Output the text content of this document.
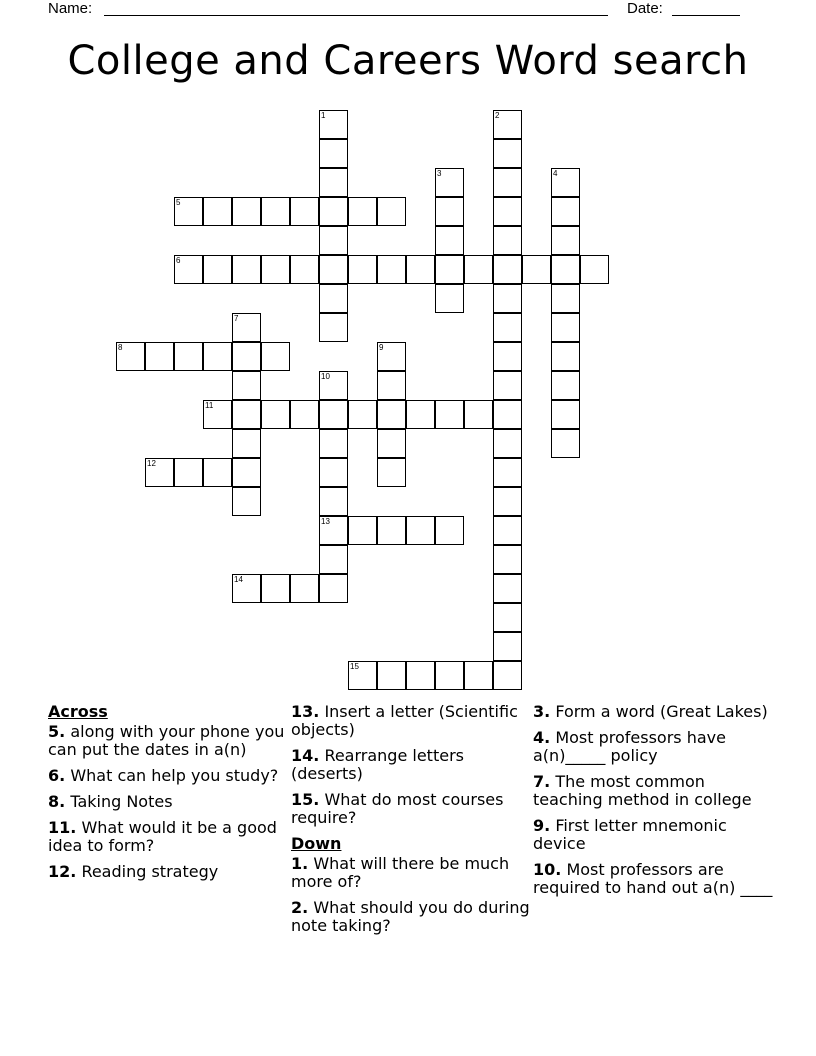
Name:	Date:
College and Careers Word search
1	2
3	4
5
6
7
8	9
10
13
11
12
14
15
Across
5. along with your phone you can put the dates in a(n)
6. What can help you study?
8. Taking Notes
11. What would it be a good idea to form?
12. Reading strategy
13. Insert a letter (Scientific objects)
14. Rearrange letters (deserts)
15. What do most courses require?
Down
1. What will there be much more of?
2. What should you do during note taking?
3. Form a word (Great Lakes)
4. Most professors have a(n)_____ policy
7. The most common teaching method in college
9. First letter mnemonic device
10. Most professors are required to hand out a(n) ____
